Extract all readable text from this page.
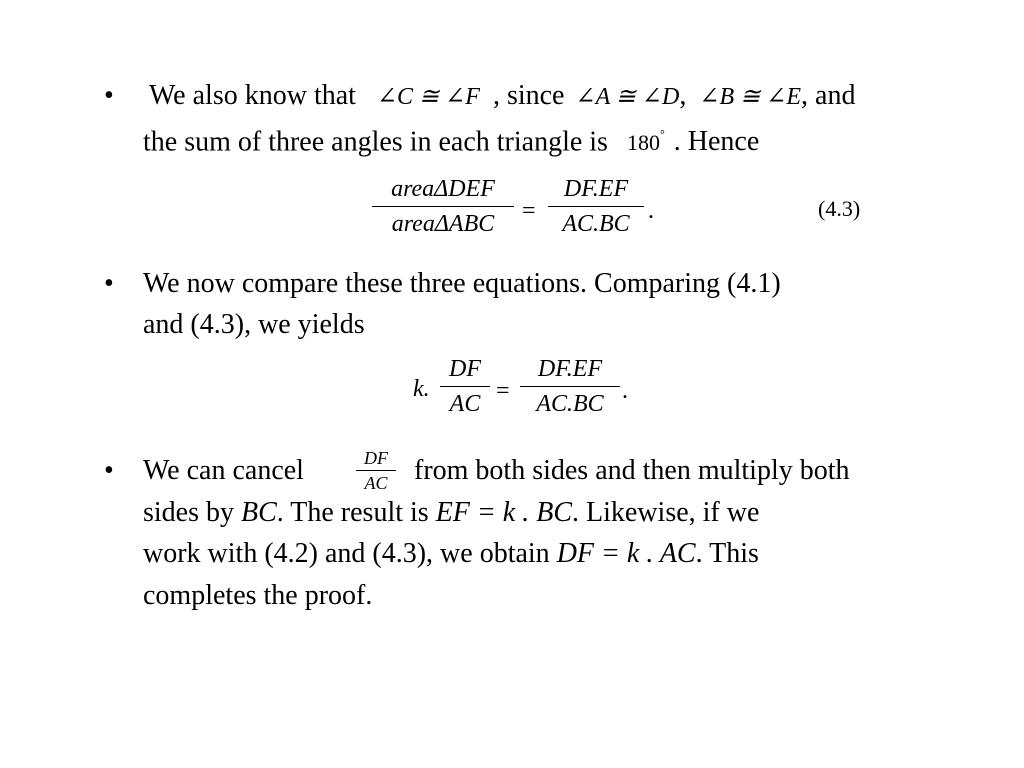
• We also know that ∠C ≅ ∠F , since ∠A ≅ ∠D, ∠B ≅ ∠E, and
the sum of three angles in each triangle is 180° . Hence
areaΔDEF
areaΔABC	=
DF.EF
AC.BC .	(4.3)
• We now compare these three equations. Comparing (4.1)
and (4.3), we yields
k.
DF
AC =
DF.EF
AC.BC .
• We can cancel	DF
AC from both sides and then multiply both
sides by BC. The result is EF = k . BC. Likewise, if we
work with (4.2) and (4.3), we obtain DF = k . AC. This
completes the proof.
